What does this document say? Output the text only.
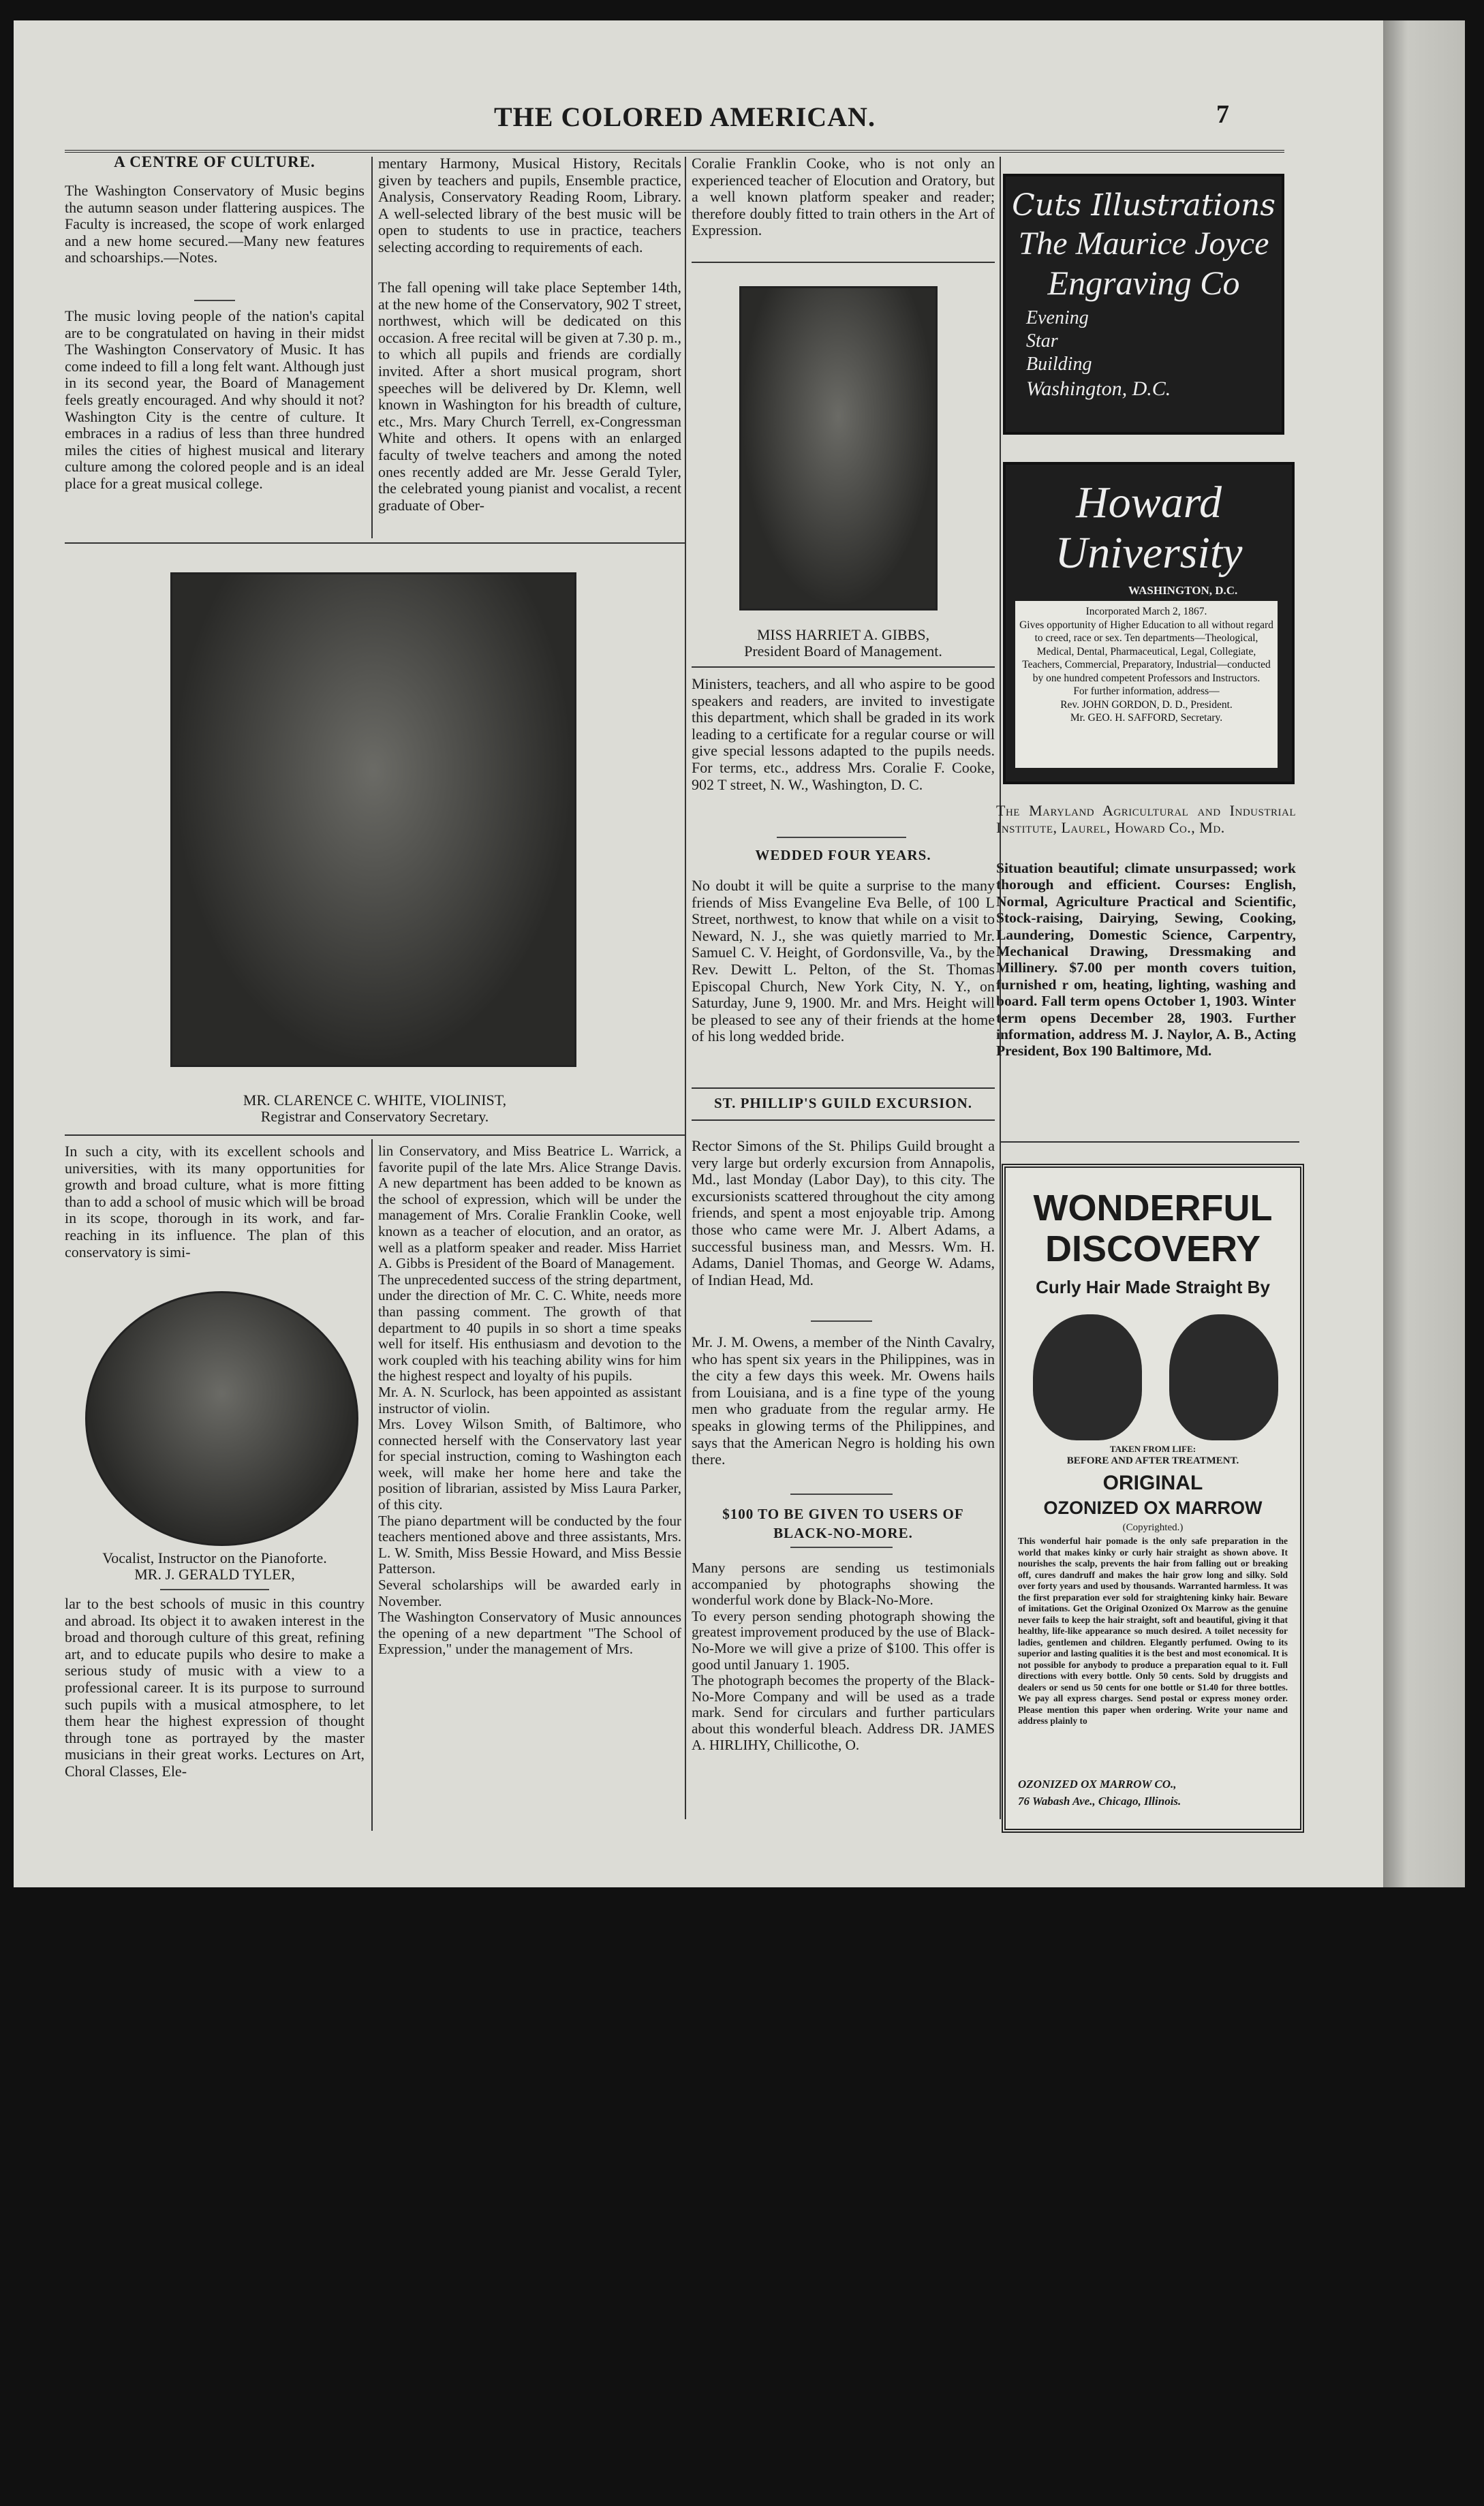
THE COLORED AMERICAN.	7
A CENTRE OF CULTURE.
The Washington Conservatory of Music begins the autumn season under flattering auspices. The Faculty is increased, the scope of work enlarged and a new home secured.—Many new features and schoarships.—Notes.
The music loving people of the nation's capital are to be congratulated on having in their midst The Washington Conservatory of Music. It has come indeed to fill a long felt want. Although just in its second year, the Board of Management feels greatly encouraged. And why should it not? Washington City is the centre of culture. It embraces in a radius of less than three hundred miles the cities of highest musical and literary culture among the colored people and is an ideal place for a great musical college.
mentary Harmony, Musical History, Recitals given by teachers and pupils, Ensemble practice, Analysis, Conservatory Reading Room, Library. A well-selected library of the best music will be open to students to use in practice, teachers selecting according to requirements of each.
The fall opening will take place September 14th, at the new home of the Conservatory, 902 T street, northwest, which will be dedicated on this occasion. A free recital will be given at 7.30 p. m., to which all pupils and friends are cordially invited. After a short musical program, short speeches will be delivered by Dr. Klemn, well known in Washington for his breadth of culture, etc., Mrs. Mary Church Terrell, ex-Congressman White and others. It opens with an enlarged faculty of twelve teachers and among the noted ones recently added are Mr. Jesse Gerald Tyler, the celebrated young pianist and vocalist, a recent graduate of Ober-
MR. CLARENCE C. WHITE, VIOLINIST,
Registrar and Conservatory Secretary.
In such a city, with its excellent schools and universities, with its many opportunities for growth and broad culture, what is more fitting than to add a school of music which will be broad in its scope, thorough in its work, and far-reaching in its influence. The plan of this conservatory is simi-
Vocalist, Instructor on the Pianoforte.
MR. J. GERALD TYLER,
lar to the best schools of music in this country and abroad. Its object it to awaken interest in the broad and thorough culture of this great, refining art, and to educate pupils who desire to make a serious study of music with a view to a professional career. It is its purpose to surround such pupils with a musical atmosphere, to let them hear the highest expression of thought through tone as portrayed by the master musicians in their great works. Lectures on Art, Choral Classes, Ele-
lin Conservatory, and Miss Beatrice L. Warrick, a favorite pupil of the late Mrs. Alice Strange Davis. A new department has been added to be known as the school of expression, which will be under the management of Mrs. Coralie Franklin Cooke, well known as a teacher of elocution, and an orator, as well as a platform speaker and reader. Miss Harriet A. Gibbs is President of the Board of Management.
The unprecedented success of the string department, under the direction of Mr. C. C. White, needs more than passing comment. The growth of that department to 40 pupils in so short a time speaks well for itself. His enthusiasm and devotion to the work coupled with his teaching ability wins for him the highest respect and loyalty of his pupils.
Mr. A. N. Scurlock, has been appointed as assistant instructor of violin.
Mrs. Lovey Wilson Smith, of Baltimore, who connected herself with the Conservatory last year for special instruction, coming to Washington each week, will make her home here and take the position of librarian, assisted by Miss Laura Parker, of this city.
The piano department will be conducted by the four teachers mentioned above and three assistants, Mrs. L. W. Smith, Miss Bessie Howard, and Miss Bessie Patterson.
Several scholarships will be awarded early in November.
The Washington Conservatory of Music announces the opening of a new department "The School of Expression," under the management of Mrs.
Coralie Franklin Cooke, who is not only an experienced teacher of Elocution and Oratory, but a well known platform speaker and reader; therefore doubly fitted to train others in the Art of Expression.
MISS HARRIET A. GIBBS,
President Board of Management.
Ministers, teachers, and all who aspire to be good speakers and readers, are invited to investigate this department, which shall be graded in its work leading to a certificate for a regular course or will give special lessons adapted to the pupils needs. For terms, etc., address Mrs. Coralie F. Cooke, 902 T street, N. W., Washington, D. C.
WEDDED FOUR YEARS.
No doubt it will be quite a surprise to the many friends of Miss Evangeline Eva Belle, of 100 L Street, northwest, to know that while on a visit to Neward, N. J., she was quietly married to Mr. Samuel C. V. Height, of Gordonsville, Va., by the Rev. Dewitt L. Pelton, of the St. Thomas Episcopal Church, New York City, N. Y., on Saturday, June 9, 1900. Mr. and Mrs. Height will be pleased to see any of their friends at the home of his long wedded bride.
ST. PHILLIP'S GUILD EXCURSION.
Rector Simons of the St. Philips Guild brought a very large but orderly excursion from Annapolis, Md., last Monday (Labor Day), to this city. The excursionists scattered throughout the city among friends, and spent a most enjoyable trip. Among those who came were Mr. J. Albert Adams, a successful business man, and Messrs. Wm. H. Adams, Daniel Thomas, and George W. Adams, of Indian Head, Md.
Mr. J. M. Owens, a member of the Ninth Cavalry, who has spent six years in the Philippines, was in the city a few days this week. Mr. Owens hails from Louisiana, and is a fine type of the young men who graduate from the regular army. He speaks in glowing terms of the Philippines, and says that the American Negro is holding his own there.
$100 TO BE GIVEN TO USERS OF BLACK-NO-MORE.
Many persons are sending us testimonials accompanied by photographs showing the wonderful work done by Black-No-More.
To every person sending photograph showing the greatest improvement produced by the use of Black-No-More we will give a prize of $100. This offer is good until January 1. 1905.
The photograph becomes the property of the Black-No-More Company and will be used as a trade mark. Send for circulars and further particulars about this wonderful bleach. Address DR. JAMES A. HIRLIHY, Chillicothe, O.
Cuts Illustrations
The Maurice Joyce
Engraving Co
Evening
Star
Building
Washington, D.C.
Howard
University
WASHINGTON, D.C.
Incorporated March 2, 1867.
Gives opportunity of Higher Education to all without regard to creed, race or sex. Ten departments—Theological, Medical, Dental, Pharmaceutical, Legal, Collegiate, Teachers, Commercial, Preparatory, Industrial—conducted by one hundred competent Professors and Instructors.
For further information, address—
Rev. JOHN GORDON, D. D., President.
Mr. GEO. H. SAFFORD, Secretary.
The Maryland Agricultural and Industrial Institute, Laurel, Howard Co., Md.
Situation beautiful; climate unsurpassed; work thorough and efficient. Courses: English, Normal, Agriculture Practical and Scientific, Stock-raising, Dairying, Sewing, Cooking, Laundering, Domestic Science, Carpentry, Mechanical Drawing, Dressmaking and Millinery. $7.00 per month covers tuition, furnished r om, heating, lighting, washing and board. Fall term opens October 1, 1903. Winter term opens December 28, 1903. Further information, address M. J. Naylor, A. B., Acting President, Box 190 Baltimore, Md.
WONDERFUL
DISCOVERY
Curly Hair Made Straight By
TAKEN FROM LIFE:
BEFORE AND AFTER TREATMENT.
ORIGINAL
OZONIZED OX MARROW
(Copyrighted.)
This wonderful hair pomade is the only safe preparation in the world that makes kinky or curly hair straight as shown above. It nourishes the scalp, prevents the hair from falling out or breaking off, cures dandruff and makes the hair grow long and silky. Sold over forty years and used by thousands. Warranted harmless. It was the first preparation ever sold for straightening kinky hair. Beware of imitations. Get the Original Ozonized Ox Marrow as the genuine never fails to keep the hair straight, soft and beautiful, giving it that healthy, life-like appearance so much desired. A toilet necessity for ladies, gentlemen and children. Elegantly perfumed. Owing to its superior and lasting qualities it is the best and most economical. It is not possible for anybody to produce a preparation equal to it. Full directions with every bottle. Only 50 cents. Sold by druggists and dealers or send us 50 cents for one bottle or $1.40 for three bottles. We pay all express charges. Send postal or express money order. Please mention this paper when ordering. Write your name and address plainly to
OZONIZED OX MARROW CO.,
76 Wabash Ave., Chicago, Illinois.
